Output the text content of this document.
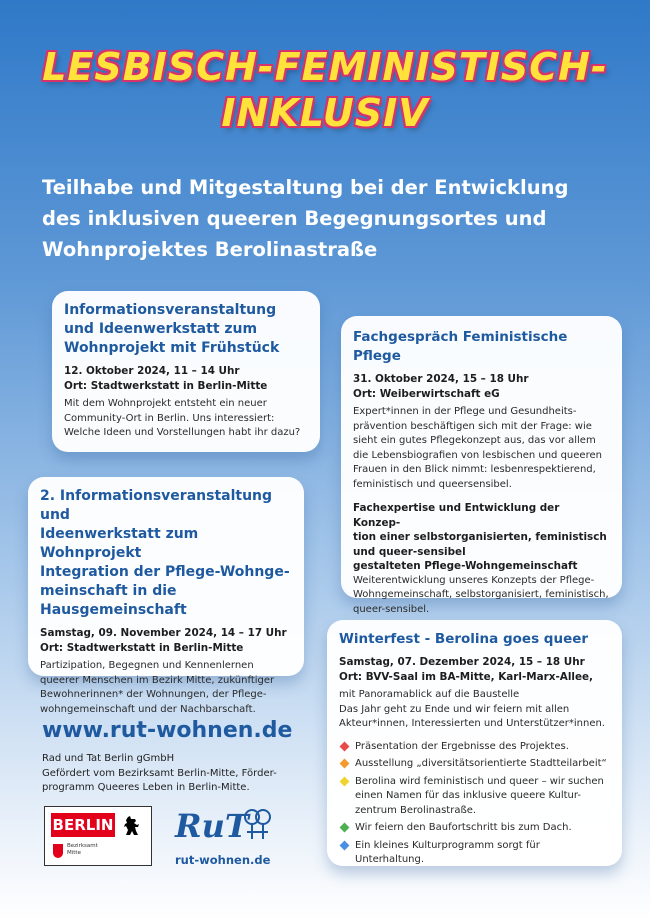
LESBISCH-FEMINISTISCH-
INKLUSIV
Teilhabe und Mitgestaltung bei der Entwicklung
des inklusiven queeren Begegnungsortes und
Wohnprojektes Berolinastraße
Informationsveranstaltung
und Ideenwerkstatt zum
Wohnprojekt mit Frühstück
12. Oktober 2024, 11 – 14 Uhr
Ort: Stadtwerkstatt in Berlin-Mitte
Mit dem Wohnprojekt entsteht ein neuer
Community-Ort in Berlin. Uns interessiert:
Welche Ideen und Vorstellungen habt ihr dazu?
2. Informationsveranstaltung und
Ideenwerkstatt zum Wohnprojekt
Integration der Pflege-Wohnge-
meinschaft in die Hausgemeinschaft
Samstag, 09. November 2024, 14 – 17 Uhr
Ort: Stadtwerkstatt in Berlin-Mitte
Partizipation, Begegnen und Kennenlernen
queerer Menschen im Bezirk Mitte, zukünftiger
Bewohnerinnen* der Wohnungen, der Pflege-
wohngemeinschaft und der Nachbarschaft.
Fachgespräch Feministische Pflege
31. Oktober 2024, 15 – 18 Uhr
Ort: Weiberwirtschaft eG
Expert*innen in der Pflege und Gesundheits-
prävention beschäftigen sich mit der Frage: wie
sieht ein gutes Pflegekonzept aus, das vor allem
die Lebensbiografien von lesbischen und queeren
Frauen in den Blick nimmt: lesbenrespektierend,
feministisch und queersensibel.
Fachexpertise und Entwicklung der Konzep-
tion einer selbstorganisierten, feministisch
und queer-sensibel
gestalteten Pflege-Wohngemeinschaft
Weiterentwicklung unseres Konzepts der Pflege-
Wohngemeinschaft, selbstorganisiert, feministisch,
queer-sensibel.
Winterfest - Berolina goes queer
Samstag, 07. Dezember 2024, 15 – 18 Uhr
Ort: BVV-Saal im BA-Mitte, Karl-Marx-Allee,
mit Panoramablick auf die Baustelle
Das Jahr geht zu Ende und wir feiern mit allen
Akteur*innen, Interessierten und Unterstützer*innen.
Präsentation der Ergebnisse des Projektes.
Ausstellung „diversitätsorientierte Stadtteilarbeit“
Berolina wird feministisch und queer – wir suchen
einen Namen für das inklusive queere Kultur-
zentrum Berolinastraße.
Wir feiern den Baufortschritt bis zum Dach.
Ein kleines Kulturprogramm sorgt für Unterhaltung.
www.rut-wohnen.de
Rad und Tat Berlin gGmbH
Gefördert vom Bezirksamt Berlin-Mitte, Förder-
programm Queeres Leben in Berlin-Mitte.
BERLIN
Bezirksamt
Mitte
RuT
rut-wohnen.de
